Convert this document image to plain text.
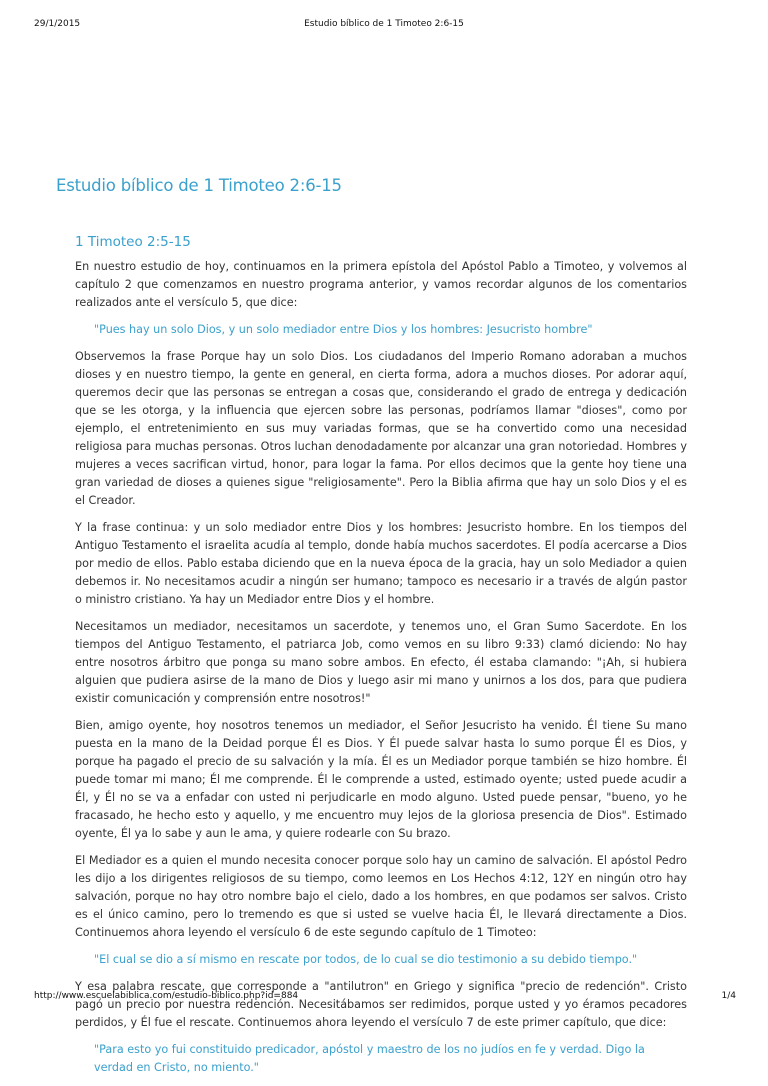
29/1/2015	Estudio bíblico de 1 Timoteo 2:6-15
Estudio bíblico de 1 Timoteo 2:6-15
1 Timoteo 2:5-15

En nuestro estudio de hoy, continuamos en la primera epístola del Apóstol Pablo a Timoteo, y volvemos al capítulo 2 que comenzamos en nuestro programa anterior, y vamos recordar algunos de los comentarios realizados ante el versículo 5, que dice:

"Pues hay un solo Dios, y un solo mediador entre Dios y los hombres: Jesucristo hombre"

Observemos la frase Porque hay un solo Dios. Los ciudadanos del Imperio Romano adoraban a muchos dioses y en nuestro tiempo, la gente en general, en cierta forma, adora a muchos dioses. Por adorar aquí, queremos decir que las personas se entregan a cosas que, considerando el grado de entrega y dedicación que se les otorga, y la influencia que ejercen sobre las personas, podríamos llamar "dioses", como por ejemplo, el entretenimiento en sus muy variadas formas, que se ha convertido como una necesidad religiosa para muchas personas. Otros luchan denodadamente por alcanzar una gran notoriedad. Hombres y mujeres a veces sacrifican virtud, honor, para logar la fama. Por ellos decimos que la gente hoy tiene una gran variedad de dioses a quienes sigue "religiosamente". Pero la Biblia afirma que hay un solo Dios y el es el Creador.

Y la frase continua: y un solo mediador entre Dios y los hombres: Jesucristo hombre. En los tiempos del Antiguo Testamento el israelita acudía al templo, donde había muchos sacerdotes. El podía acercarse a Dios por medio de ellos. Pablo estaba diciendo que en la nueva época de la gracia, hay un solo Mediador a quien debemos ir. No necesitamos acudir a ningún ser humano; tampoco es necesario ir a través de algún pastor o ministro cristiano. Ya hay un Mediador entre Dios y el hombre.

Necesitamos un mediador, necesitamos un sacerdote, y tenemos uno, el Gran Sumo Sacerdote. En los tiempos del Antiguo Testamento, el patriarca Job, como vemos en su libro 9:33) clamó diciendo: No hay entre nosotros árbitro que ponga su mano sobre ambos. En efecto, él estaba clamando: "¡Ah, si hubiera alguien que pudiera asirse de la mano de Dios y luego asir mi mano y unirnos a los dos, para que pudiera existir comunicación y comprensión entre nosotros!"

Bien, amigo oyente, hoy nosotros tenemos un mediador, el Señor Jesucristo ha venido. Él tiene Su mano puesta en la mano de la Deidad porque Él es Dios. Y Él puede salvar hasta lo sumo porque Él es Dios, y porque ha pagado el precio de su salvación y la mía. Él es un Mediador porque también se hizo hombre. Él puede tomar mi mano; Él me comprende. Él le comprende a usted, estimado oyente; usted puede acudir a Él, y Él no se va a enfadar con usted ni perjudicarle en modo alguno. Usted puede pensar, "bueno, yo he fracasado, he hecho esto y aquello, y me encuentro muy lejos de la gloriosa presencia de Dios". Estimado oyente, Él ya lo sabe y aun le ama, y quiere rodearle con Su brazo.

El Mediador es a quien el mundo necesita conocer porque solo hay un camino de salvación. El apóstol Pedro les dijo a los dirigentes religiosos de su tiempo, como leemos en Los Hechos 4:12, 12Y en ningún otro hay salvación, porque no hay otro nombre bajo el cielo, dado a los hombres, en que podamos ser salvos. Cristo es el único camino, pero lo tremendo es que si usted se vuelve hacia Él, le llevará directamente a Dios. Continuemos ahora leyendo el versículo 6 de este segundo capítulo de 1 Timoteo:

"El cual se dio a sí mismo en rescate por todos, de lo cual se dio testimonio a su debido tiempo."

Y esa palabra rescate, que corresponde a "antilutron" en Griego y significa "precio de redención". Cristo pagó un precio por nuestra redención. Necesitábamos ser redimidos, porque usted y yo éramos pecadores perdidos, y Él fue el rescate. Continuemos ahora leyendo el versículo 7 de este primer capítulo, que dice:

"Para esto yo fui constituido predicador, apóstol y maestro de los no judíos en fe y verdad. Digo la verdad en Cristo, no miento."

http://www.escuelabiblica.com/estudio-biblico.php?id=884	1/4
